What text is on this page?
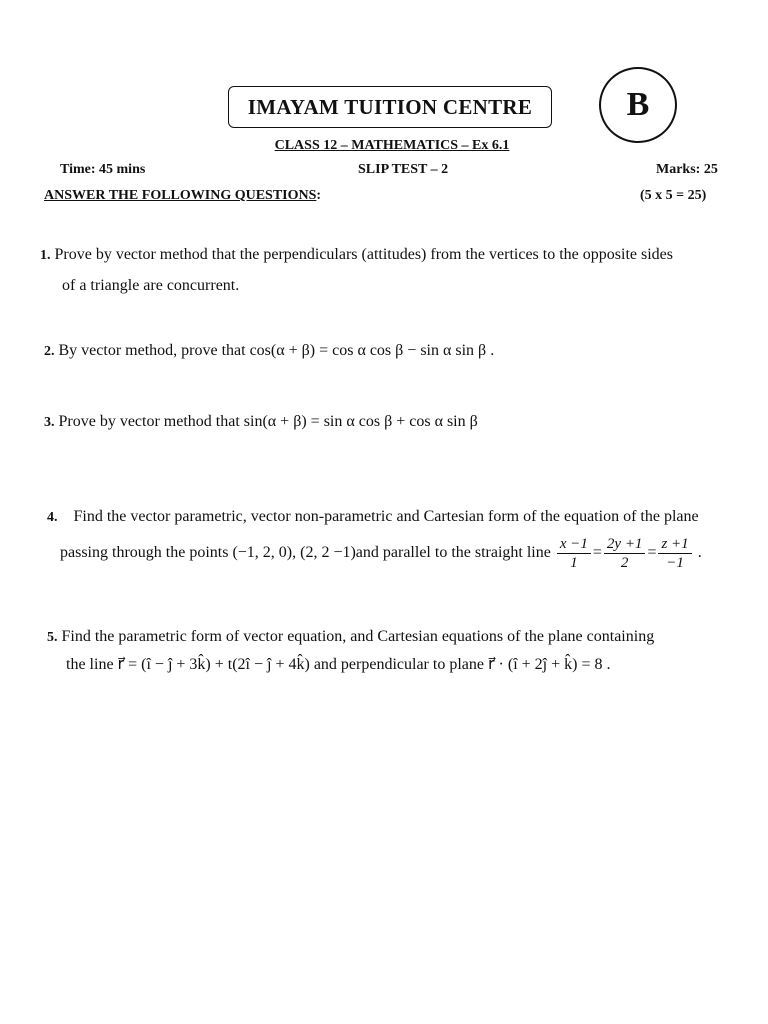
IMAYAM TUITION CENTRE	B
CLASS 12 – MATHEMATICS – Ex 6.1
Time: 45 mins	SLIP TEST – 2	Marks: 25
ANSWER THE FOLLOWING QUESTIONS:	(5 x 5 = 25)
1. Prove by vector method that the perpendiculars (attitudes) from the vertices to the opposite sides
of a triangle are concurrent.
2. By vector method, prove that cos(α + β) = cos α cos β − sin α sin β .
3. Prove by vector method that sin(α + β) = sin α cos β + cos α sin β
4. Find the vector parametric, vector non-parametric and Cartesian form of the equation of the plane
passing through the points (−1, 2, 0), (2, 2 −1)and parallel to the straight line $\frac{x -1}{1} = \frac{2y +1}{2} = \frac{z +1}{-1}$ .
5. Find the parametric form of vector equation, and Cartesian equations of the plane containing
the line r⃗ = (î − ĵ + 3k̂) + t(2î − ĵ + 4k̂) and perpendicular to plane r⃗ · (î + 2ĵ + k̂) = 8 .
